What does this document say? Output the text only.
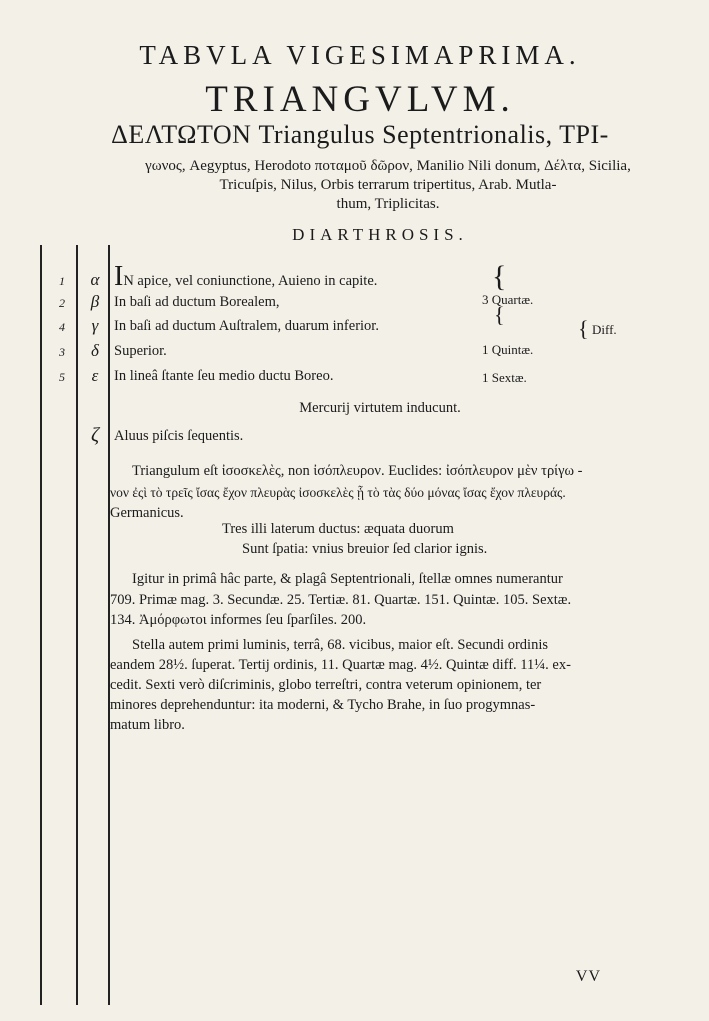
TABVLA VIGESIMAPRIMA.
TRIANGVLVM.
ΔΕΛΤΩΤΟΝ Triangulus Septentrionalis, TPI-
γωνος, Aegyptus, Herodoto ποταμοῦ δῶρον, Manilio Nili donum, Δέλτα, Sicilia,
Tricuſpis, Nilus, Orbis terrarum tripertitus, Arab. Mutla-
thum, Triplicitas.
DIARTHROSIS.
1	α IN apice, vel coniunctione, Auieno in capite.
2	β	In baſi ad ductum Borealem,
4	γ	In baſi ad ductum Auſtralem, duarum inferior.
3	δ	Superior.
5	ε	In lineâ ſtante ſeu medio ductu Boreo.
{
3 Quartæ.
{
{ Diff.
1 Quintæ.
1 Sextæ.
Mercurij virtutem inducunt.
ζ	Aluus piſcis ſequentis.
Triangulum eſt ἰσοσκελὲς, non ἰσόπλευρον. Euclides: ἰσόπλευρον μὲν τρίγω -
νον ἐςὶ τὸ τρεῖς ἴσας ἔχον πλευρὰς ἰσοσκελὲς ᾗ τὸ τὰς δύο μόνας ἴσας ἔχον πλευράς.
Germanicus.
Tres illi laterum ductus: æquata duorum
Sunt ſpatia: vnius breuior ſed clarior ignis.
Igitur in primâ hâc parte, & plagâ Septentrionali, ſtellæ omnes numerantur
709. Primæ mag. 3. Secundæ. 25. Tertiæ. 81. Quartæ. 151. Quintæ. 105. Sextæ.
134. Ἀμόρφωτοι informes ſeu ſparſiles. 200.
Stella autem primi luminis, terrâ, 68. vicibus, maior eſt. Secundi ordinis
eandem 28½. ſuperat. Tertij ordinis, 11. Quartæ mag. 4½. Quintæ diff. 11¼. ex-
cedit. Sexti verò diſcriminis, globo terreſtri, contra veterum opinionem, ter
minores deprehenduntur: ita moderni, & Tycho Brahe, in ſuo progymnas-
matum libro.
VV
